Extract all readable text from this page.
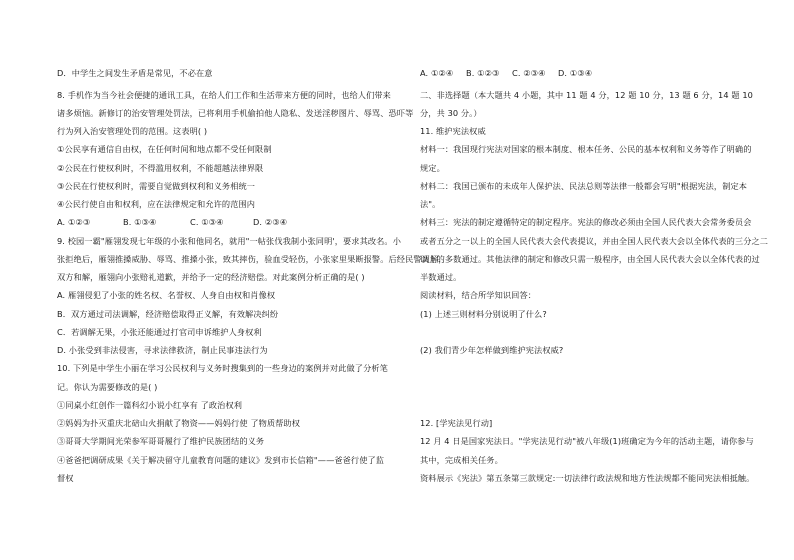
D．中学生之间发生矛盾是常见，不必在意
8. 手机作为当今社会便捷的通讯工具，在给人们工作和生活带来方便的同时，也给人们带来
诸多烦恼。新修订的治安管理处罚法，已将利用手机偷拍他人隐私、发送淫秽图片、辱骂、恐吓等
行为列入治安管理处罚的范围。这表明( )
①公民享有通信自由权，在任何时间和地点都不受任何限制
②公民在行使权利时，不得滥用权利，不能超越法律界限
③公民在行使权利时，需要自觉做到权利和义务相统一
④公民行使自由和权利，应在法律规定和允许的范围内
A. ①②③	B. ①③④	C. ①③④	D. ②③④
9. 校园一霸"雁翎发现七年级的小张和他同名，就用"一帖张伐我制小张同明'，要求其改名。小
张拒绝后，雁翎推搡威胁、辱骂、推搡小张，致其摔伤，验血受轻伤，小张家里果断报警。后经民警调解，
双方和解，雁翎向小张赔礼道歉，并给予一定的经济赔偿。对此案例分析正确的是( )
A. 雁翎侵犯了小张的姓名权、名誉权、人身自由权和肖像权
B．双方通过司法调解，经济赔偿取得正义解，有效解决纠纷
C．若调解无果，小张还能通过打官司申诉维护人身权利
D. 小张受到非法侵害，寻求法律救济，制止民事违法行为
10. 下列是中学生小丽在学习公民权利与义务时搜集到的一些身边的案例并对此做了分析笔
记。你认为需要修改的是( )
①同桌小红创作一篇科幻小说小红享有 了政治权利
②妈妈为扑灭重庆北碚山火捐献了物资——妈妈行使 了物质帮助权
③哥哥大学期间光荣参军哥哥履行了维护民族团结的义务
④爸爸把调研成果《关于解决留守儿童教育问题的建议》发到市长信箱"——爸爸行使了监
督权
A. ①②④	B. ①②③	C. ②③④	D. ①③④
二、非选择题（本大题共 4 小题，其中 11 题 4 分，12 题 10 分，13 题 6 分，14 题 10
分，共 30 分。）
11. 维护宪法权威
材料一：我国现行宪法对国家的根本制度、根本任务、公民的基本权利和义务等作了明确的
规定。
材料二：我国已颁布的未成年人保护法、民法总则等法律一般都会写明"根据宪法，制定本
法"。
材料三：宪法的制定遵循特定的制定程序。宪法的修改必须由全国人民代表大会常务委员会
或者五分之一以上的全国人民代表大会代表提议，并由全国人民代表大会以全体代表的三分之二
以上的多数通过。其他法律的制定和修改只需一般程序，由全国人民代表大会以全体代表的过
半数通过。
阅读材料，结合所学知识回答：
(1) 上述三则材料分别说明了什么?
(2) 我们青少年怎样做到维护宪法权威?
12. [学宪法见行动]
12 月 4 日是国家宪法日。"学宪法见行动"被八年级(1)班确定为今年的活动主题，请你参与
其中，完成相关任务。
资料展示《宪法》第五条第三款规定:一切法律行政法规和地方性法规都不能同宪法相抵触。
